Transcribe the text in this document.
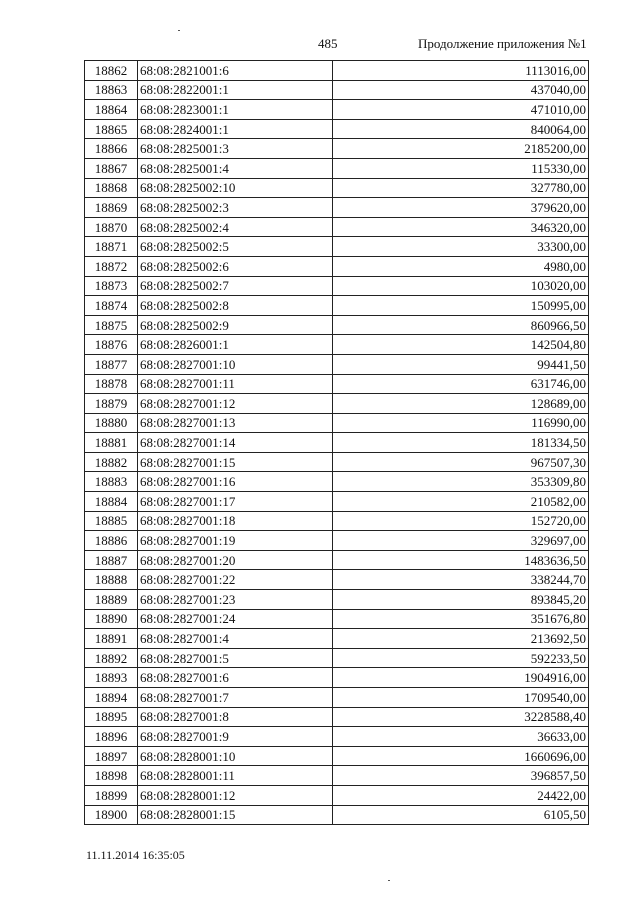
485	Продолжение приложения №1
18862	68:08:2821001:6	1113016,00
18863	68:08:2822001:1	437040,00
18864	68:08:2823001:1	471010,00
18865	68:08:2824001:1	840064,00
18866	68:08:2825001:3	2185200,00
18867	68:08:2825001:4	115330,00
18868	68:08:2825002:10	327780,00
18869	68:08:2825002:3	379620,00
18870	68:08:2825002:4	346320,00
18871	68:08:2825002:5	33300,00
18872	68:08:2825002:6	4980,00
18873	68:08:2825002:7	103020,00
18874	68:08:2825002:8	150995,00
18875	68:08:2825002:9	860966,50
18876	68:08:2826001:1	142504,80
18877	68:08:2827001:10	99441,50
18878	68:08:2827001:11	631746,00
18879	68:08:2827001:12	128689,00
18880	68:08:2827001:13	116990,00
18881	68:08:2827001:14	181334,50
18882	68:08:2827001:15	967507,30
18883	68:08:2827001:16	353309,80
18884	68:08:2827001:17	210582,00
18885	68:08:2827001:18	152720,00
18886	68:08:2827001:19	329697,00
18887	68:08:2827001:20	1483636,50
18888	68:08:2827001:22	338244,70
18889	68:08:2827001:23	893845,20
18890	68:08:2827001:24	351676,80
18891	68:08:2827001:4	213692,50
18892	68:08:2827001:5	592233,50
18893	68:08:2827001:6	1904916,00
18894	68:08:2827001:7	1709540,00
18895	68:08:2827001:8	3228588,40
18896	68:08:2827001:9	36633,00
18897	68:08:2828001:10	1660696,00
18898	68:08:2828001:11	396857,50
18899	68:08:2828001:12	24422,00
18900	68:08:2828001:15	6105,50
11.11.2014 16:35:05
